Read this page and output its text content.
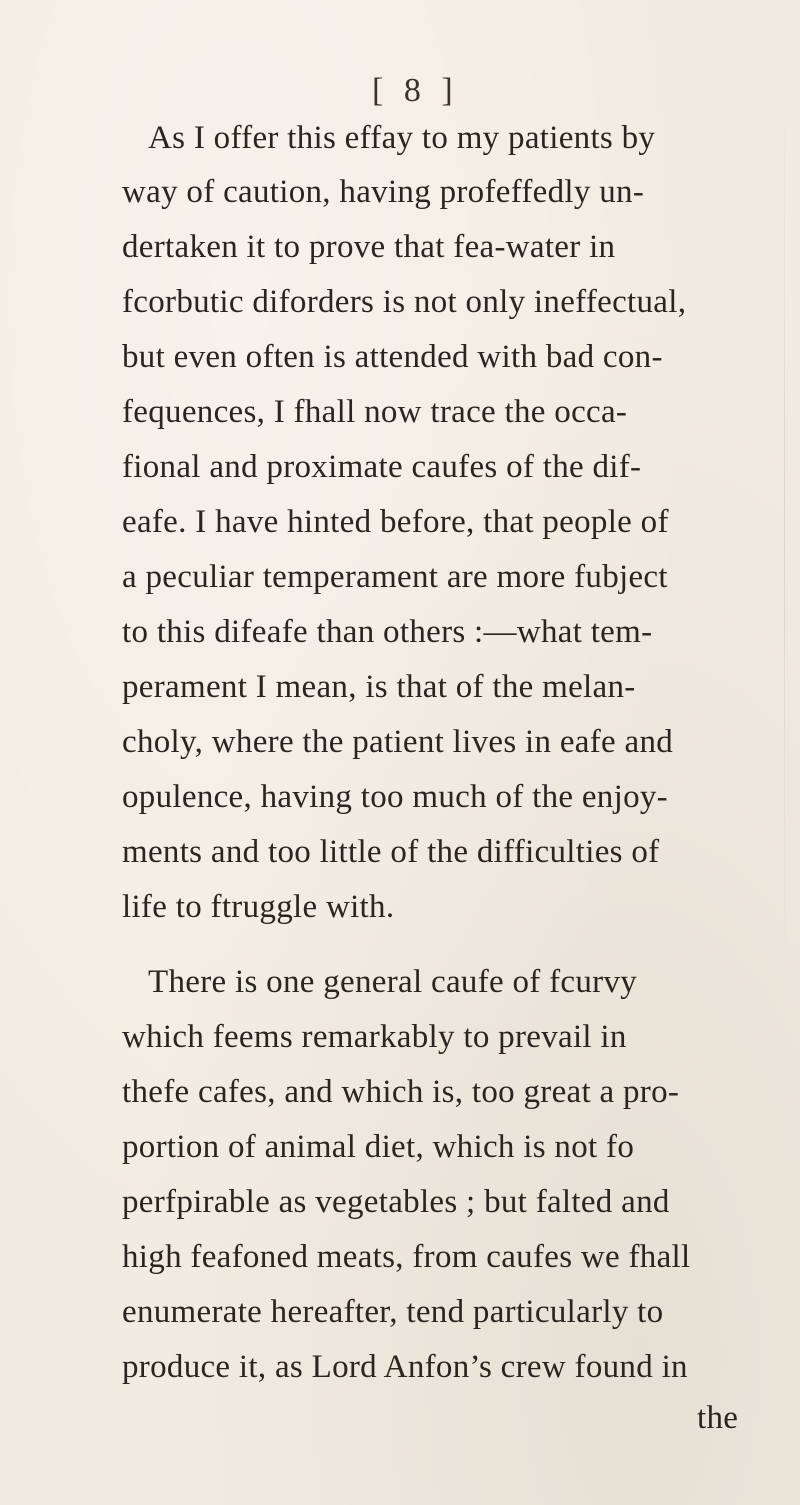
[ 8 ]
As I offer this effay to my patients by
way of caution, having profeffedly un‑
dertaken it to prove that fea-water in
fcorbutic diforders is not only ineffectual,
but even often is attended with bad con‑
fequences, I fhall now trace the occa‑
fional and proximate caufes of the dif‑
eafe. I have hinted before, that people of
a peculiar temperament are more fubject
to this difeafe than others :—what tem‑
perament I mean, is that of the melan‑
choly, where the patient lives in eafe and
opulence, having too much of the enjoy‑
ments and too little of the difficulties of
life to ftruggle with.
There is one general caufe of fcurvy
which feems remarkably to prevail in
thefe cafes, and which is, too great a pro‑
portion of animal diet, which is not fo
perfpirable as vegetables ; but falted and
high feafoned meats, from caufes we fhall
enumerate hereafter, tend particularly to
produce it, as Lord Anfon’s crew found in
the
